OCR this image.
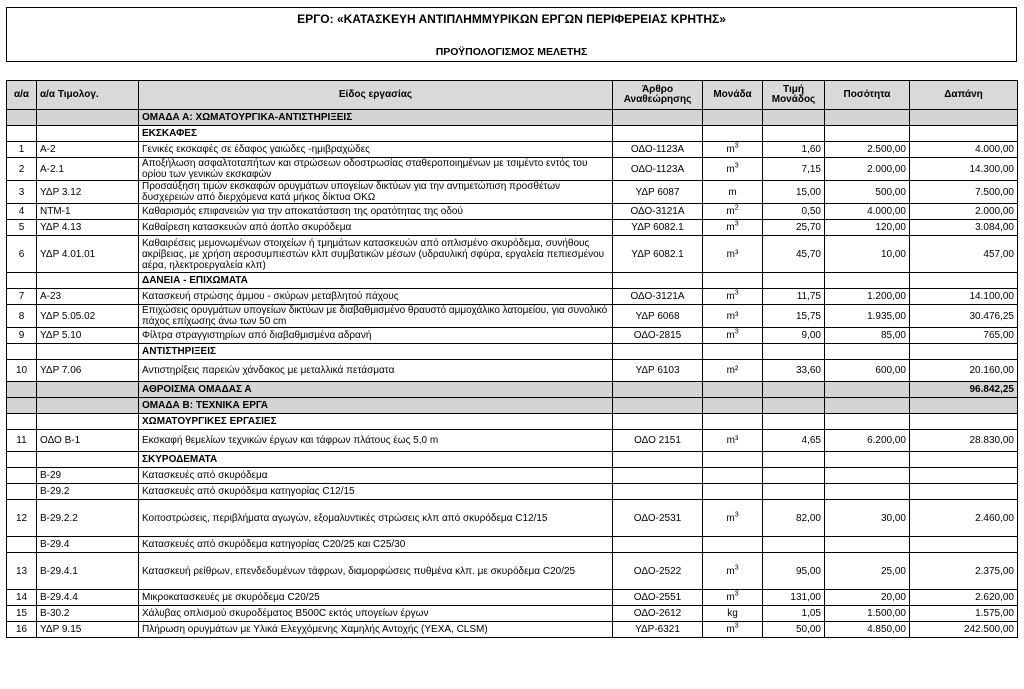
ΕΡΓΟ: «ΚΑΤΑΣΚΕΥΗ ΑΝΤΙΠΛΗΜΜΥΡΙΚΩΝ ΕΡΓΩΝ ΠΕΡΙΦΕΡΕΙΑΣ ΚΡΗΤΗΣ»
ΠΡΟΫΠΟΛΟΓΙΣΜΟΣ ΜΕΛΕΤΗΣ
α/α	α/α Τιμολογ.	Είδος εργασίας	Άρθρο Αναθεώρησης	Μονάδα	Τιμή Μονάδος	Ποσότητα	Δαπάνη
		ΟΜΑΔΑ Α: ΧΩΜΑΤΟΥΡΓΙΚΑ-ΑΝΤΙΣΤΗΡΙΞΕΙΣ					
		ΕΚΣΚΑΦΕΣ					
1	Α-2	Γενικές εκσκαφές σε έδαφος γαιώδες -ημιβραχώδες	ΟΔΟ-1123Α	$m^3$	1,60	2.500,00	4.000,00
2	Α-2.1	Αποξήλωση ασφαλτοταπήτων και στρώσεων οδοστρωσίας σταθεροποιημένων με τσιμέντο εντός του ορίου των γενικών εκσκαφών	ΟΔΟ-1123Α	$m^3$	7,15	2.000,00	14.300,00
3	ΥΔΡ 3.12	Προσαύξηση τιμών εκσκαφών ορυγμάτων υπογείων δικτύων για την αντιμετώπιση προσθέτων δυσχερειών από διερχόμενα κατά μήκος δίκτυα ΟΚΩ	ΥΔΡ 6087	m	15,00	500,00	7.500,00
4	ΝΤΜ-1	Καθαρισμός επιφανειών για την αποκατάσταση της ορατότητας της οδού	ΟΔΟ-3121Α	$m^2$	0,50	4.000,00	2.000,00
5	ΥΔΡ 4.13	Καθαίρεση κατασκευών από άοπλο σκυρόδεμα	ΥΔΡ 6082.1	$m^3$	25,70	120,00	3.084,00
6	ΥΔΡ 4.01.01	Καθαιρέσεις μεμονωμένων στοιχείων ή τμημάτων κατασκευών από οπλισμένο σκυρόδεμα, συνήθους ακρίβειας, με χρήση αεροσυμπιεστών κλπ συμβατικών μέσων (υδραυλική σφύρα, εργαλεία πεπιεσμένου αέρα, ηλεκτροεργαλεία κλπ)	ΥΔΡ 6082.1	m³	45,70	10,00	457,00
		ΔΑΝΕΙΑ - ΕΠΙΧΩΜΑΤΑ					
7	Α-23	Κατασκευή στρώσης άμμου - σκύρων μεταβλητού πάχους	ΟΔΟ-3121Α	$m^3$	11,75	1.200,00	14.100,00
8	ΥΔΡ 5.05.02	Επιχώσεις ορυγμάτων υπογείων δικτύων με διαβαθμισμένο θραυστό αμμοχάλικο λατομείου, για συνολικό πάχος επίχωσης άνω των 50 cm	ΥΔΡ 6068	m³	15,75	1.935,00	30.476,25
9	ΥΔΡ 5.10	Φίλτρα στραγγιστηρίων από διαβαθμισμένα αδρανή	ΟΔΟ-2815	$m^3$	9,00	85,00	765,00
		ΑΝΤΙΣΤΗΡΙΞΕΙΣ					
10	ΥΔΡ 7.06	Αντιστηρίξεις παρειών χάνδακος με μεταλλικά πετάσματα	ΥΔΡ 6103	m²	33,60	600,00	20.160,00
		ΑΘΡΟΙΣΜΑ ΟΜΑΔΑΣ Α					96.842,25
		ΟΜΑΔΑ Β: ΤΕΧΝΙΚΑ ΕΡΓΑ					
		ΧΩΜΑΤΟΥΡΓΙΚΕΣ ΕΡΓΑΣΙΕΣ					
11	ΟΔΟ Β-1	Εκσκαφή θεμελίων τεχνικών έργων και τάφρων πλάτους έως 5,0 m	ΟΔΟ 2151	m³	4,65	6.200,00	28.830,00
		ΣΚΥΡΟΔΕΜΑΤΑ					
	Β-29	Κατασκευές από σκυρόδεμα					
	Β-29.2	Κατασκευές από σκυρόδεμα κατηγορίας C12/15					
12	Β-29.2.2	Κοιτοστρώσεις, περιβλήματα αγωγών, εξομαλυντικές στρώσεις κλπ από σκυρόδεμα C12/15	ΟΔΟ-2531	$m^3$	82,00	30,00	2.460,00
	Β-29.4	Κατασκευές από σκυρόδεμα κατηγορίας C20/25 και C25/30					
13	Β-29.4.1	Κατασκευή ρείθρων, επενδεδυμένων τάφρων, διαμορφώσεις πυθμένα κλπ. με σκυρόδεμα C20/25	ΟΔΟ-2522	$m^3$	95,00	25,00	2.375,00
14	Β-29.4.4	Μικροκατασκευές με σκυρόδεμα C20/25	ΟΔΟ-2551	$m^3$	131,00	20,00	2.620,00
15	Β-30.2	Χάλυβας οπλισμού σκυροδέματος B500C εκτός υπογείων έργων	ΟΔΟ-2612	kg	1,05	1.500,00	1.575,00
16	ΥΔΡ 9.15	Πλήρωση ορυγμάτων με Υλικά Ελεγχόμενης Χαμηλής Αντοχής (ΥΕΧΑ, CLSM)	ΥΔΡ-6321	$m^3$	50,00	4.850,00	242.500,00
